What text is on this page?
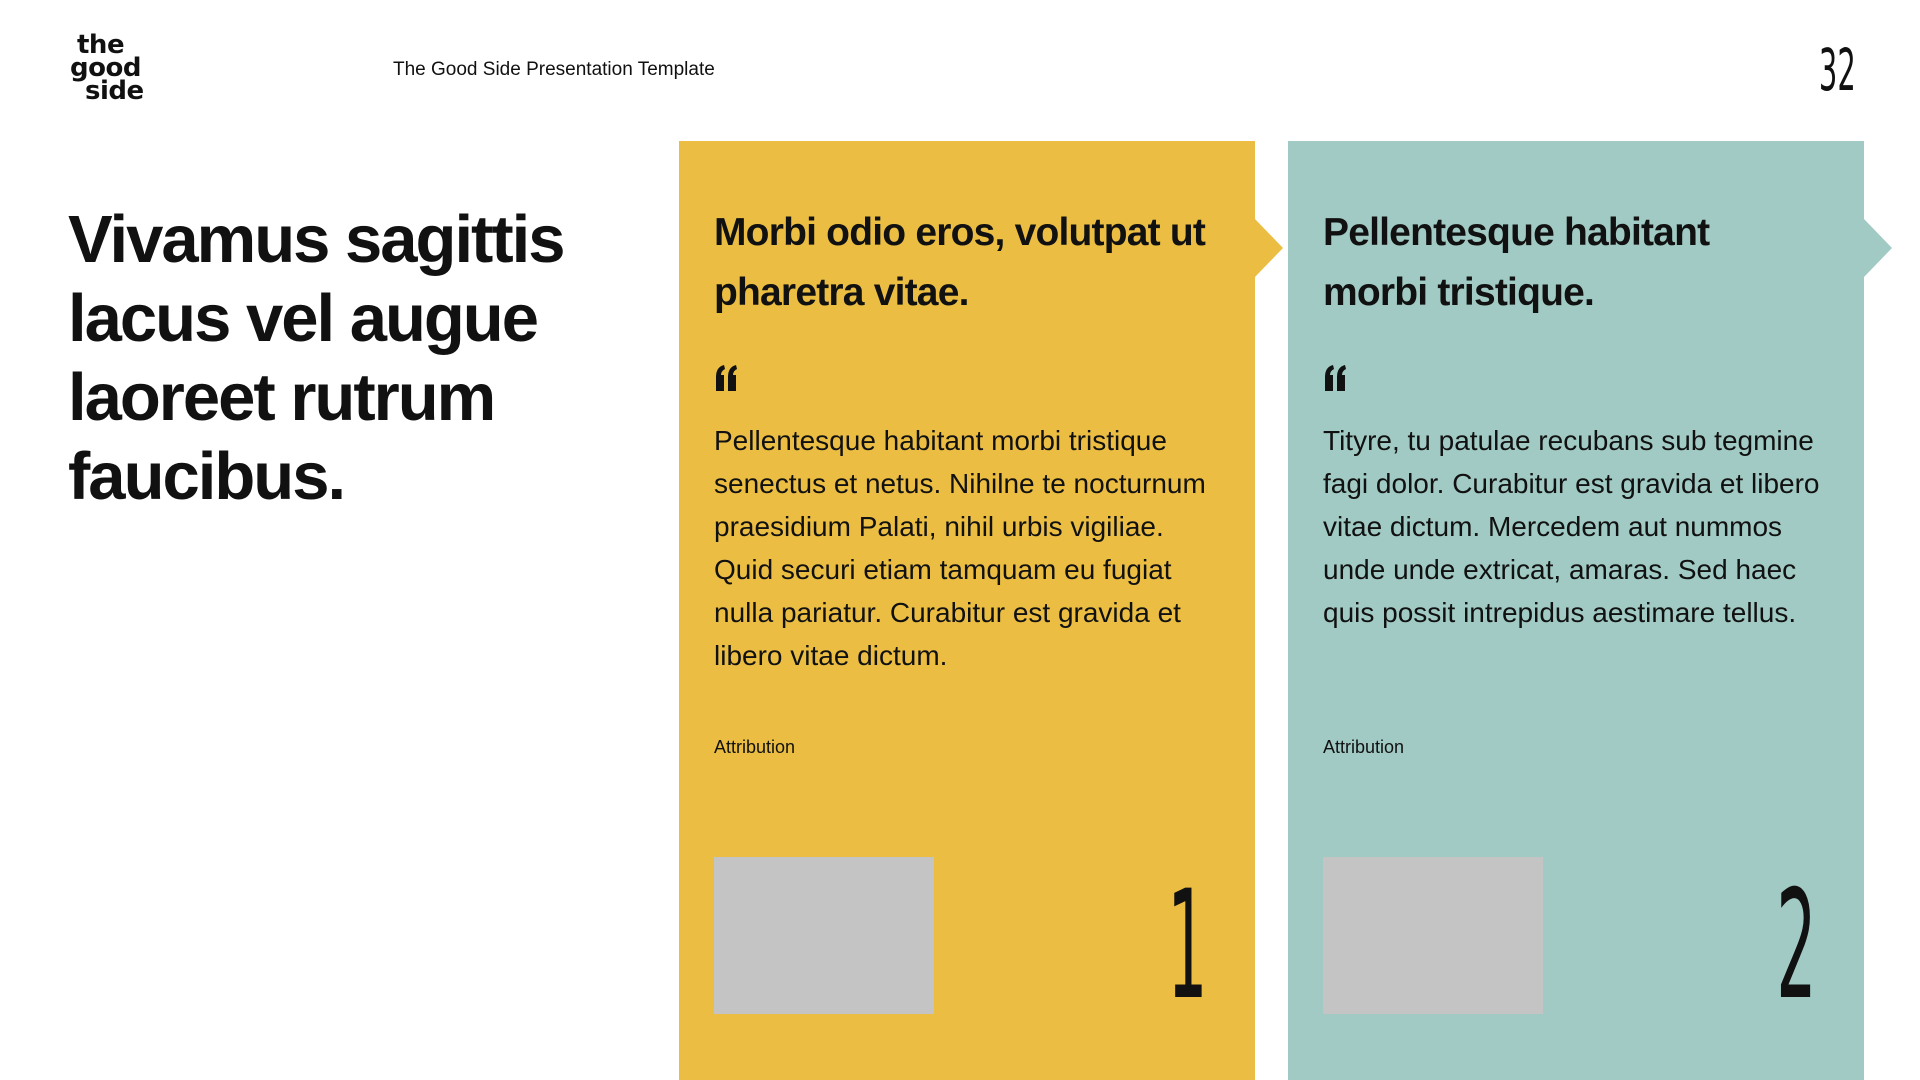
the
good
side
The Good Side Presentation Template	32
Vivamus sagittis lacus vel augue laoreet rutrum faucibus.
Morbi odio eros, volutpat ut pharetra vitae.
Pellentesque habitant morbi tristique senectus et netus. Nihilne te nocturnum praesidium Palati, nihil urbis vigiliae. Quid securi etiam tamquam eu fugiat nulla pariatur. Curabitur est gravida et libero vitae dictum.
Attribution
1
Pellentesque habitant morbi tristique.
Tityre, tu patulae recubans sub tegmine fagi dolor. Curabitur est gravida et libero vitae dictum. Mercedem aut nummos unde unde extricat, amaras. Sed haec quis possit intrepidus aestimare tellus.
Attribution
2
